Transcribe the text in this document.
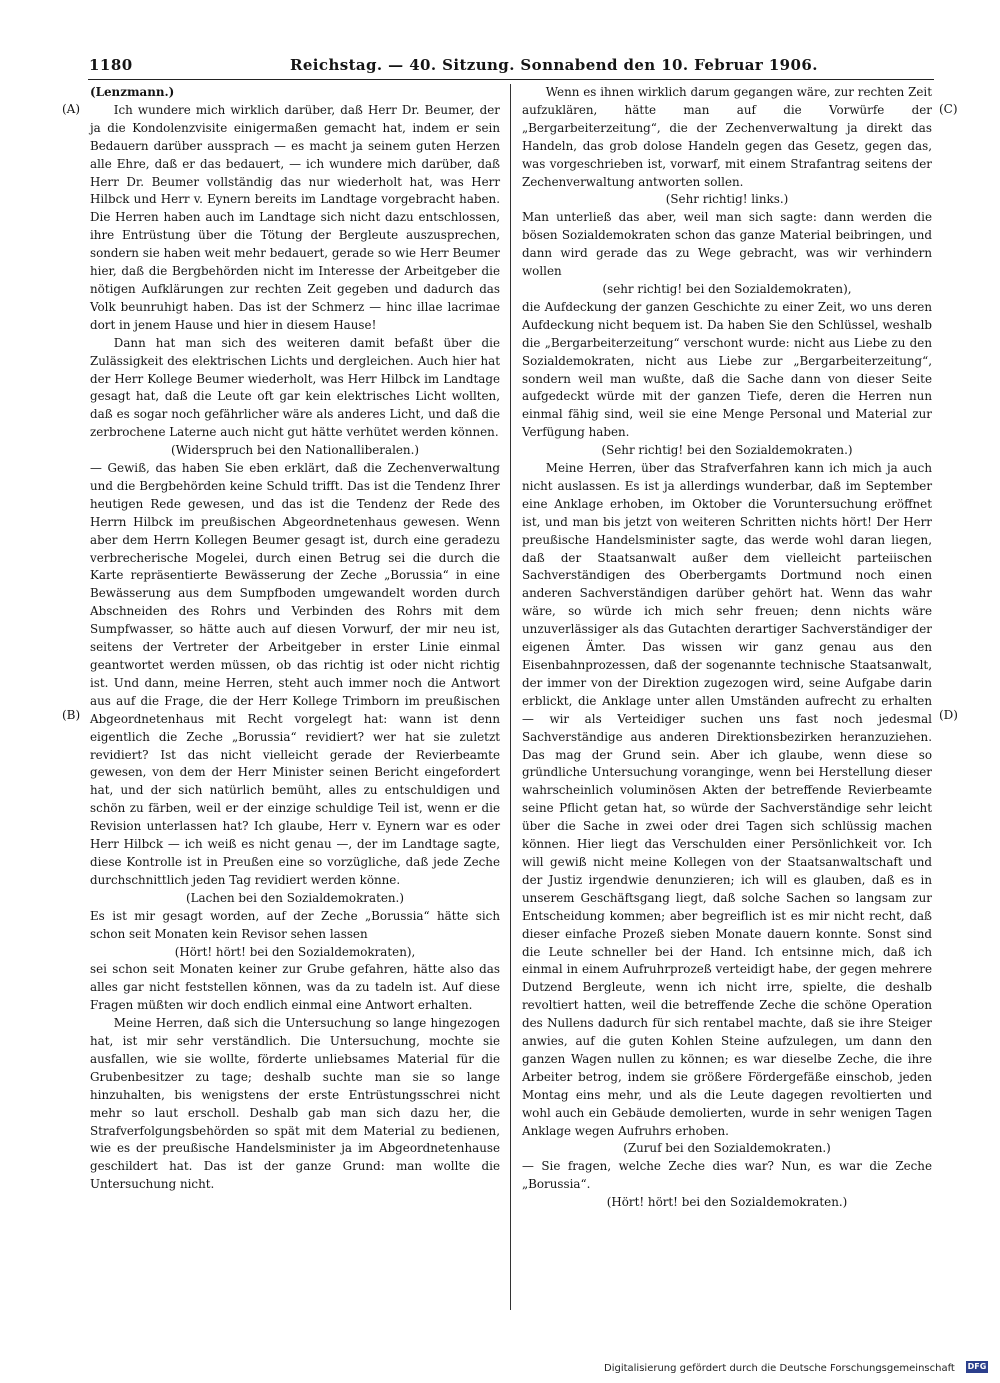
1180	Reichstag. — 40. Sitzung. Sonnabend den 10. Februar 1906.
(A)
(B)
(C)
(D)

(Lenzmann.)

Ich wundere mich wirklich darüber, daß Herr Dr. Beumer, der ja die Kondolenzvisite einigermaßen gemacht hat, indem er sein Bedauern darüber aussprach — es macht ja seinem guten Herzen alle Ehre, daß er das bedauert, — ich wundere mich darüber, daß Herr Dr. Beumer vollständig das nur wiederholt hat, was Herr Hilbck und Herr v. Eynern bereits im Landtage vorgebracht haben. Die Herren haben auch im Landtage sich nicht dazu entschlossen, ihre Entrüstung über die Tötung der Bergleute auszusprechen, sondern sie haben weit mehr bedauert, gerade so wie Herr Beumer hier, daß die Bergbehörden nicht im Interesse der Arbeitgeber die nötigen Aufklärungen zur rechten Zeit gegeben und dadurch das Volk beunruhigt haben. Das ist der Schmerz — hinc illae lacrimae dort in jenem Hause und hier in diesem Hause!

Dann hat man sich des weiteren damit befaßt über die Zulässigkeit des elektrischen Lichts und dergleichen. Auch hier hat der Herr Kollege Beumer wiederholt, was Herr Hilbck im Landtage gesagt hat, daß die Leute oft gar kein elektrisches Licht wollten, daß es sogar noch gefährlicher wäre als anderes Licht, und daß die zerbrochene Laterne auch nicht gut hätte verhütet werden können.

(Widerspruch bei den Nationalliberalen.)

— Gewiß, das haben Sie eben erklärt, daß die Zechenverwaltung und die Bergbehörden keine Schuld trifft. Das ist die Tendenz Ihrer heutigen Rede gewesen, und das ist die Tendenz der Rede des Herrn Hilbck im preußischen Abgeordnetenhaus gewesen. Wenn aber dem Herrn Kollegen Beumer gesagt ist, durch eine geradezu verbrecherische Mogelei, durch einen Betrug sei die durch die Karte repräsentierte Bewässerung der Zeche „Borussia“ in eine Bewässerung aus dem Sumpfboden umgewandelt worden durch Abschneiden des Rohrs und Verbinden des Rohrs mit dem Sumpfwasser, so hätte auch auf diesen Vorwurf, der mir neu ist, seitens der Vertreter der Arbeitgeber in erster Linie einmal geantwortet werden müssen, ob das richtig ist oder nicht richtig ist. Und dann, meine Herren, steht auch immer noch die Antwort aus auf die Frage, die der Herr Kollege Trimborn im preußischen Abgeordnetenhaus mit Recht vorgelegt hat: wann ist denn eigentlich die Zeche „Borussia“ revidiert? wer hat sie zuletzt revidiert? Ist das nicht vielleicht gerade der Revierbeamte gewesen, von dem der Herr Minister seinen Bericht eingefordert hat, und der sich natürlich bemüht, alles zu entschuldigen und schön zu färben, weil er der einzige schuldige Teil ist, wenn er die Revision unterlassen hat? Ich glaube, Herr v. Eynern war es oder Herr Hilbck — ich weiß es nicht genau —, der im Landtage sagte, diese Kontrolle ist in Preußen eine so vorzügliche, daß jede Zeche durchschnittlich jeden Tag revidiert werden könne.

(Lachen bei den Sozialdemokraten.)

Es ist mir gesagt worden, auf der Zeche „Borussia“ hätte sich schon seit Monaten kein Revisor sehen lassen

(Hört! hört! bei den Sozialdemokraten),

sei schon seit Monaten keiner zur Grube gefahren, hätte also das alles gar nicht feststellen können, was da zu tadeln ist. Auf diese Fragen müßten wir doch endlich einmal eine Antwort erhalten.

Meine Herren, daß sich die Untersuchung so lange hingezogen hat, ist mir sehr verständlich. Die Untersuchung, mochte sie ausfallen, wie sie wollte, förderte unliebsames Material für die Grubenbesitzer zu tage; deshalb suchte man sie so lange hinzuhalten, bis wenigstens der erste Entrüstungsschrei nicht mehr so laut erscholl. Deshalb gab man sich dazu her, die Strafverfolgungsbehörden so spät mit dem Material zu bedienen, wie es der preußische Handelsminister ja im Abgeordnetenhause geschildert hat. Das ist der ganze Grund: man wollte die Untersuchung nicht.

Wenn es ihnen wirklich darum gegangen wäre, zur rechten Zeit aufzuklären, hätte man auf die Vorwürfe der „Bergarbeiterzeitung“, die der Zechenverwaltung ja direkt das Handeln, das grob dolose Handeln gegen das Gesetz, gegen das, was vorgeschrieben ist, vorwarf, mit einem Strafantrag seitens der Zechenverwaltung antworten sollen.

(Sehr richtig! links.)

Man unterließ das aber, weil man sich sagte: dann werden die bösen Sozialdemokraten schon das ganze Material beibringen, und dann wird gerade das zu Wege gebracht, was wir verhindern wollen

(sehr richtig! bei den Sozialdemokraten),

die Aufdeckung der ganzen Geschichte zu einer Zeit, wo uns deren Aufdeckung nicht bequem ist. Da haben Sie den Schlüssel, weshalb die „Bergarbeiterzeitung“ verschont wurde: nicht aus Liebe zu den Sozialdemokraten, nicht aus Liebe zur „Bergarbeiterzeitung“, sondern weil man wußte, daß die Sache dann von dieser Seite aufgedeckt würde mit der ganzen Tiefe, deren die Herren nun einmal fähig sind, weil sie eine Menge Personal und Material zur Verfügung haben.

(Sehr richtig! bei den Sozialdemokraten.)

Meine Herren, über das Strafverfahren kann ich mich ja auch nicht auslassen. Es ist ja allerdings wunderbar, daß im September eine Anklage erhoben, im Oktober die Voruntersuchung eröffnet ist, und man bis jetzt von weiteren Schritten nichts hört! Der Herr preußische Handelsminister sagte, das werde wohl daran liegen, daß der Staatsanwalt außer dem vielleicht parteiischen Sachverständigen des Oberbergamts Dortmund noch einen anderen Sachverständigen darüber gehört hat. Wenn das wahr wäre, so würde ich mich sehr freuen; denn nichts wäre unzuverlässiger als das Gutachten derartiger Sachverständiger der eigenen Ämter. Das wissen wir ganz genau aus den Eisenbahnprozessen, daß der sogenannte technische Staatsanwalt, der immer von der Direktion zugezogen wird, seine Aufgabe darin erblickt, die Anklage unter allen Umständen aufrecht zu erhalten — wir als Verteidiger suchen uns fast noch jedesmal Sachverständige aus anderen Direktionsbezirken heranzuziehen. Das mag der Grund sein. Aber ich glaube, wenn diese so gründliche Untersuchung voranginge, wenn bei Herstellung dieser wahrscheinlich voluminösen Akten der betreffende Revierbeamte seine Pflicht getan hat, so würde der Sachverständige sehr leicht über die Sache in zwei oder drei Tagen sich schlüssig machen können. Hier liegt das Verschulden einer Persönlichkeit vor. Ich will gewiß nicht meine Kollegen von der Staatsanwaltschaft und der Justiz irgendwie denunzieren; ich will es glauben, daß es in unserem Geschäftsgang liegt, daß solche Sachen so langsam zur Entscheidung kommen; aber begreiflich ist es mir nicht recht, daß dieser einfache Prozeß sieben Monate dauern konnte. Sonst sind die Leute schneller bei der Hand. Ich entsinne mich, daß ich einmal in einem Aufruhrprozeß verteidigt habe, der gegen mehrere Dutzend Bergleute, wenn ich nicht irre, spielte, die deshalb revoltiert hatten, weil die betreffende Zeche die schöne Operation des Nullens dadurch für sich rentabel machte, daß sie ihre Steiger anwies, auf die guten Kohlen Steine aufzulegen, um dann den ganzen Wagen nullen zu können; es war dieselbe Zeche, die ihre Arbeiter betrog, indem sie größere Fördergefäße einschob, jeden Montag eins mehr, und als die Leute dagegen revoltierten und wohl auch ein Gebäude demolierten, wurde in sehr wenigen Tagen Anklage wegen Aufruhrs erhoben.

(Zuruf bei den Sozialdemokraten.)

— Sie fragen, welche Zeche dies war? Nun, es war die Zeche „Borussia“.

(Hört! hört! bei den Sozialdemokraten.)

Digitalisierung gefördert durch die Deutsche Forschungsgemeinschaft DFG
